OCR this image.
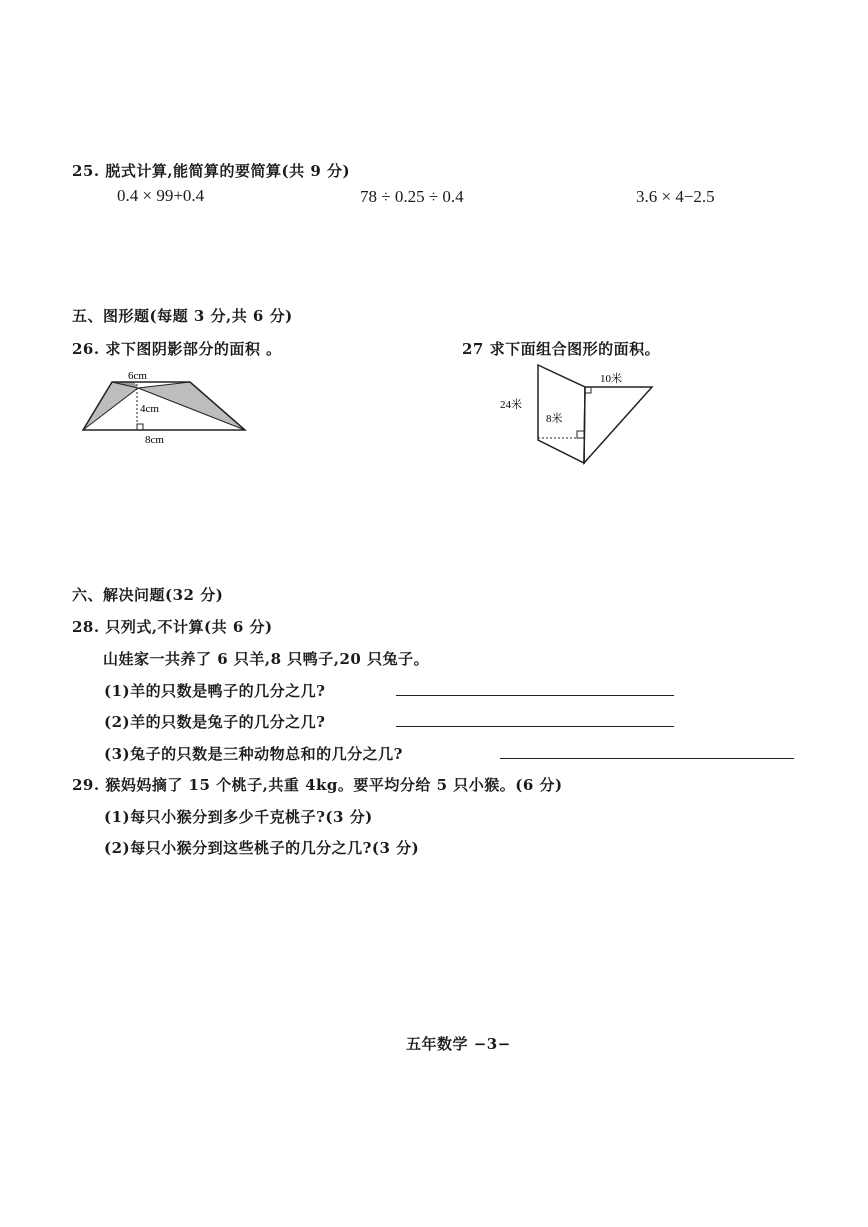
25. 脱式计算,能简算的要简算(共 9 分)
0.4 × 99+0.4	78 ÷ 0.25 ÷ 0.4	3.6 × 4−2.5
五、图形题(每题 3 分,共 6 分)
26. 求下图阴影部分的面积 。
6cm
4cm
8cm
27 求下面组合图形的面积。
10米
24米
8米
六、解决问题(32 分)
28. 只列式,不计算(共 6 分)
山娃家一共养了 6 只羊,8 只鸭子,20 只兔子。
(1)羊的只数是鸭子的几分之几?
(2)羊的只数是兔子的几分之几?
(3)兔子的只数是三种动物总和的几分之几?
29. 猴妈妈摘了 15 个桃子,共重 4kg。要平均分给 5 只小猴。(6 分)
(1)每只小猴分到多少千克桃子?(3 分)
(2)每只小猴分到这些桃子的几分之几?(3 分)
五年数学 −3−
